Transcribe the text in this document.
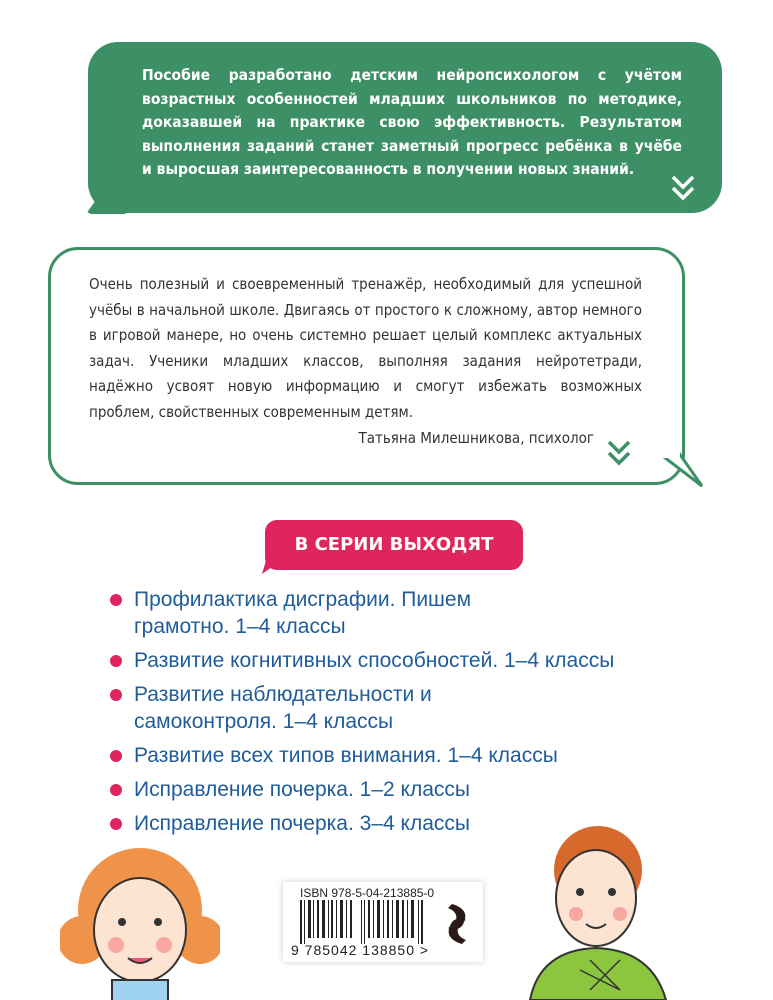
Пособие разработано детским нейропсихологом с учётом возрастных особенностей младших школьников по методике, доказавшей на практике свою эффективность. Результатом выполнения заданий станет заметный прогресс ребёнка в учёбе и выросшая заинтересованность в получении новых знаний.
Очень полезный и своевременный тренажёр, необходимый для успешной учёбы в начальной школе. Двигаясь от простого к сложному, автор немного в игровой манере, но очень системно решает целый комплекс актуальных задач. Ученики младших классов, выполняя задания нейротетради, надёжно усвоят новую информацию и смогут избежать возможных проблем, свойственных современным детям.
Татьяна Милешникова, психолог
В СЕРИИ ВЫХОДЯТ
Профилактика дисграфии. Пишем грамотно. 1–4 классы
Развитие когнитивных способностей. 1–4 классы
Развитие наблюдательности и самоконтроля. 1–4 классы
Развитие всех типов внимания. 1–4 классы
Исправление почерка. 1–2 классы
Исправление почерка. 3–4 классы
ISBN 978-5-04-213885-0
9 785042 138850 >
